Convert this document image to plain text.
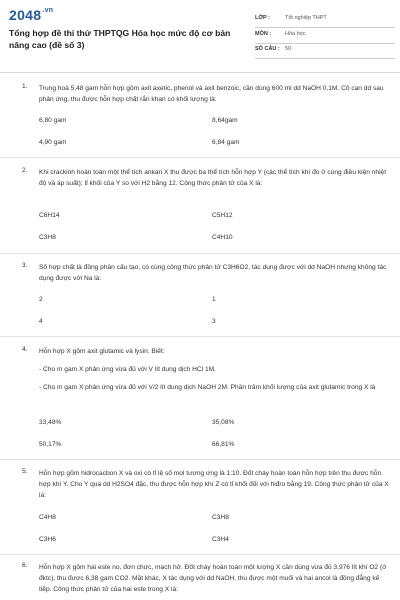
$2048^{.vn}$
Tổng hợp đề thi thử THPTQG Hóa học mức độ cơ bản nâng cao (đề số 3)
LỚP :	Tốt nghiệp THPT
MÔN :	Hóa học
SỐ CÂU : 50
1. Trung hoà 5,48 gam hỗn hợp gồm axit axetic, phenol và axit benzoic, cần dùng 600 ml dd NaOH 0,1M. Cô cạn dd sau phản ứng, thu được hỗn hợp chất rắn khan có khối lượng là:
6,80 gam	8,64gam
4,90 gam	6,84 gam
2. Khi crackinh hoàn toàn một thể tích ankan X thu được ba thể tích hỗn hợp Y (các thể tích khí đo ở cùng điều kiện nhiệt độ và áp suất); tỉ khối của Y so với H2 bằng 12. Công thức phân tử của X là:
C6H14	C5H12
C3H8	C4H10
3. Số hợp chất là đồng phân cấu tạo, có cùng công thức phân tử C3H6O2, tác dụng được với dd NaOH nhưng không tác dụng được với Na là:
2	1
4	3
4. Hỗn hợp X gồm axit glutamic và lysin. Biết:
- Cho m gam X phản ứng vừa đủ với V lít dung dịch HCl 1M.
- Cho m gam X phản ứng vừa đủ với V/2 lít dung dịch NaOH 2M. Phần trăm khối lượng của axit glutamic trong X là
33,48%	35,08%
50,17%	66,81%
5. Hỗn hợp gồm hidrocacbon X và oxi có tỉ lệ số mol tương ứng là 1:10. Đốt cháy hoàn toàn hỗn hợp trên thu được hỗn hợp khí Y. Cho Y qua dd H2SO4 đặc, thu được hỗn hợp khí Z có tỉ khối đối với hiđro bằng 19. Công thức phân tử của X là:
C4H8	C3H8
C3H6	C3H4
6. Hỗn hợp X gồm hai este no, đơn chức, mạch hở. Đốt cháy hoàn toàn một lượng X cần dùng vừa đủ 3,976 lít khí O2 (ở đktc), thu được 6,38 gam CO2. Mặt khác, X tác dụng với dd NaOH, thu được một muối và hai ancol là đồng đẳng kế tiếp. Công thức phân tử của hai este trong X là:
